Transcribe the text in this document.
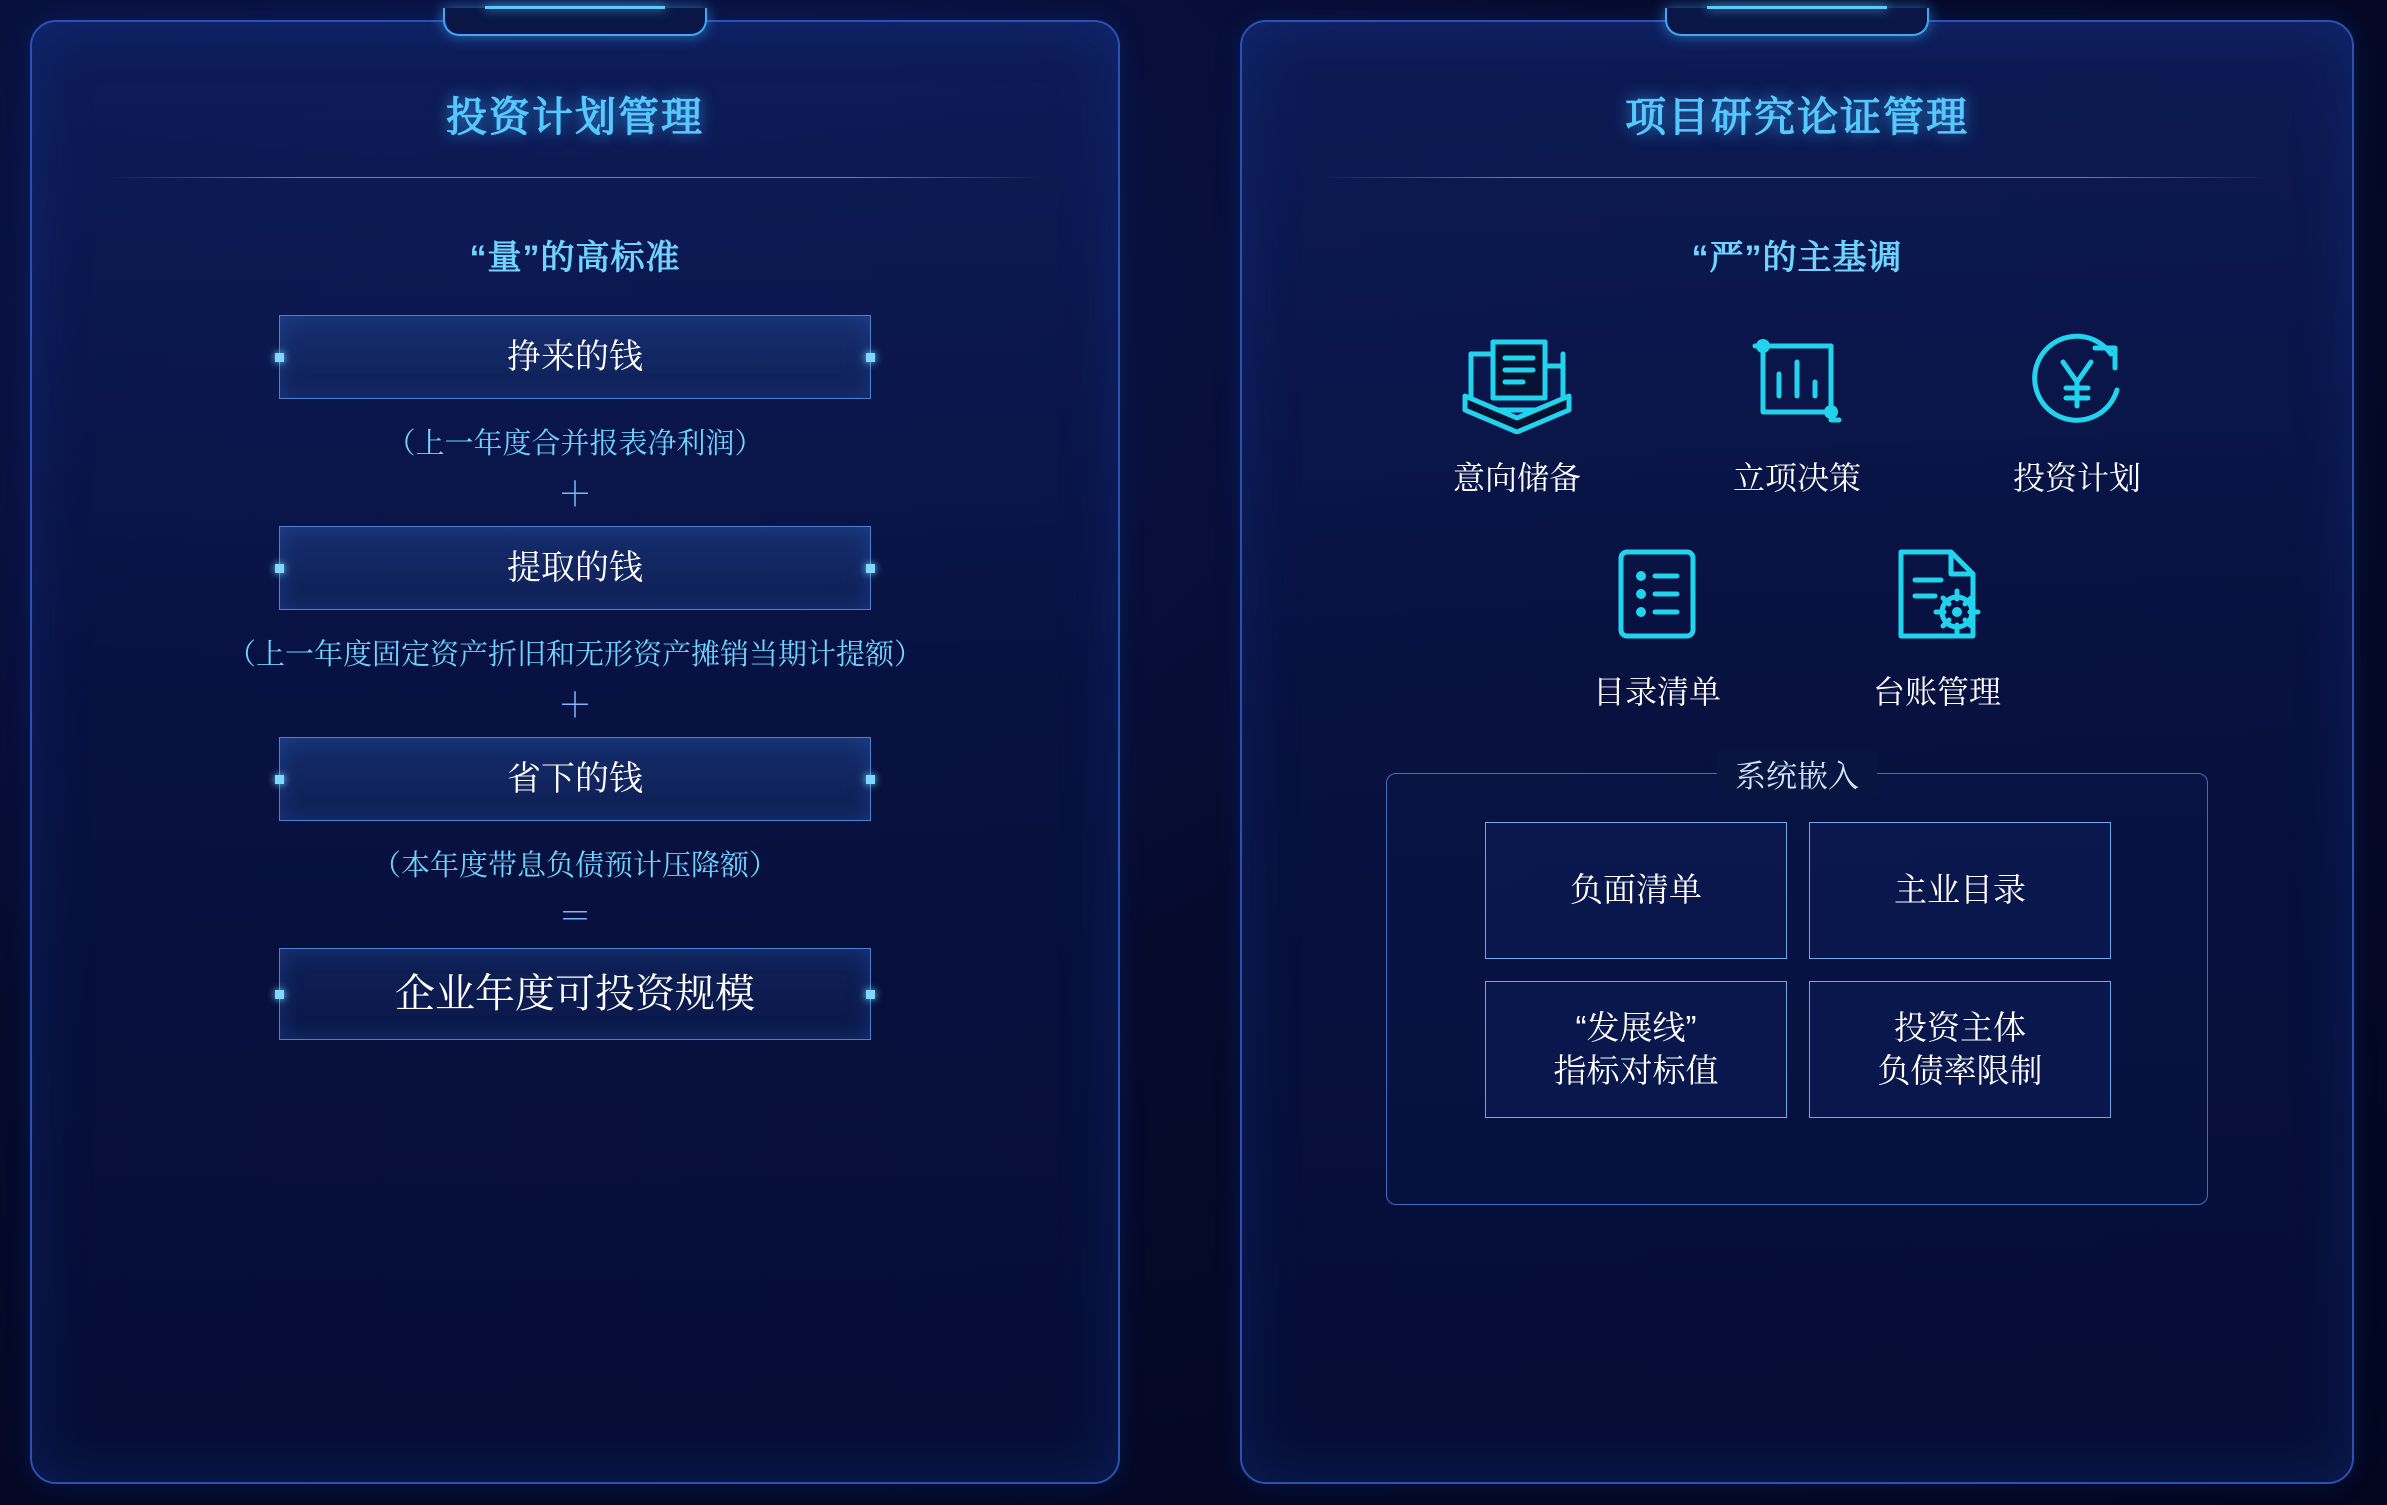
投资计划管理
“量”的高标准
挣来的钱
（上一年度合并报表净利润）
＋
提取的钱
（上一年度固定资产折旧和无形资产摊销当期计提额）
＋
省下的钱
（本年度带息负债预计压降额）
＝
企业年度可投资规模
项目研究论证管理
“严”的主基调
意向储备	立项决策	投资计划
目录清单	台账管理
系统嵌入
负面清单	主业目录
“发展线”
指标对标值
投资主体
负债率限制
